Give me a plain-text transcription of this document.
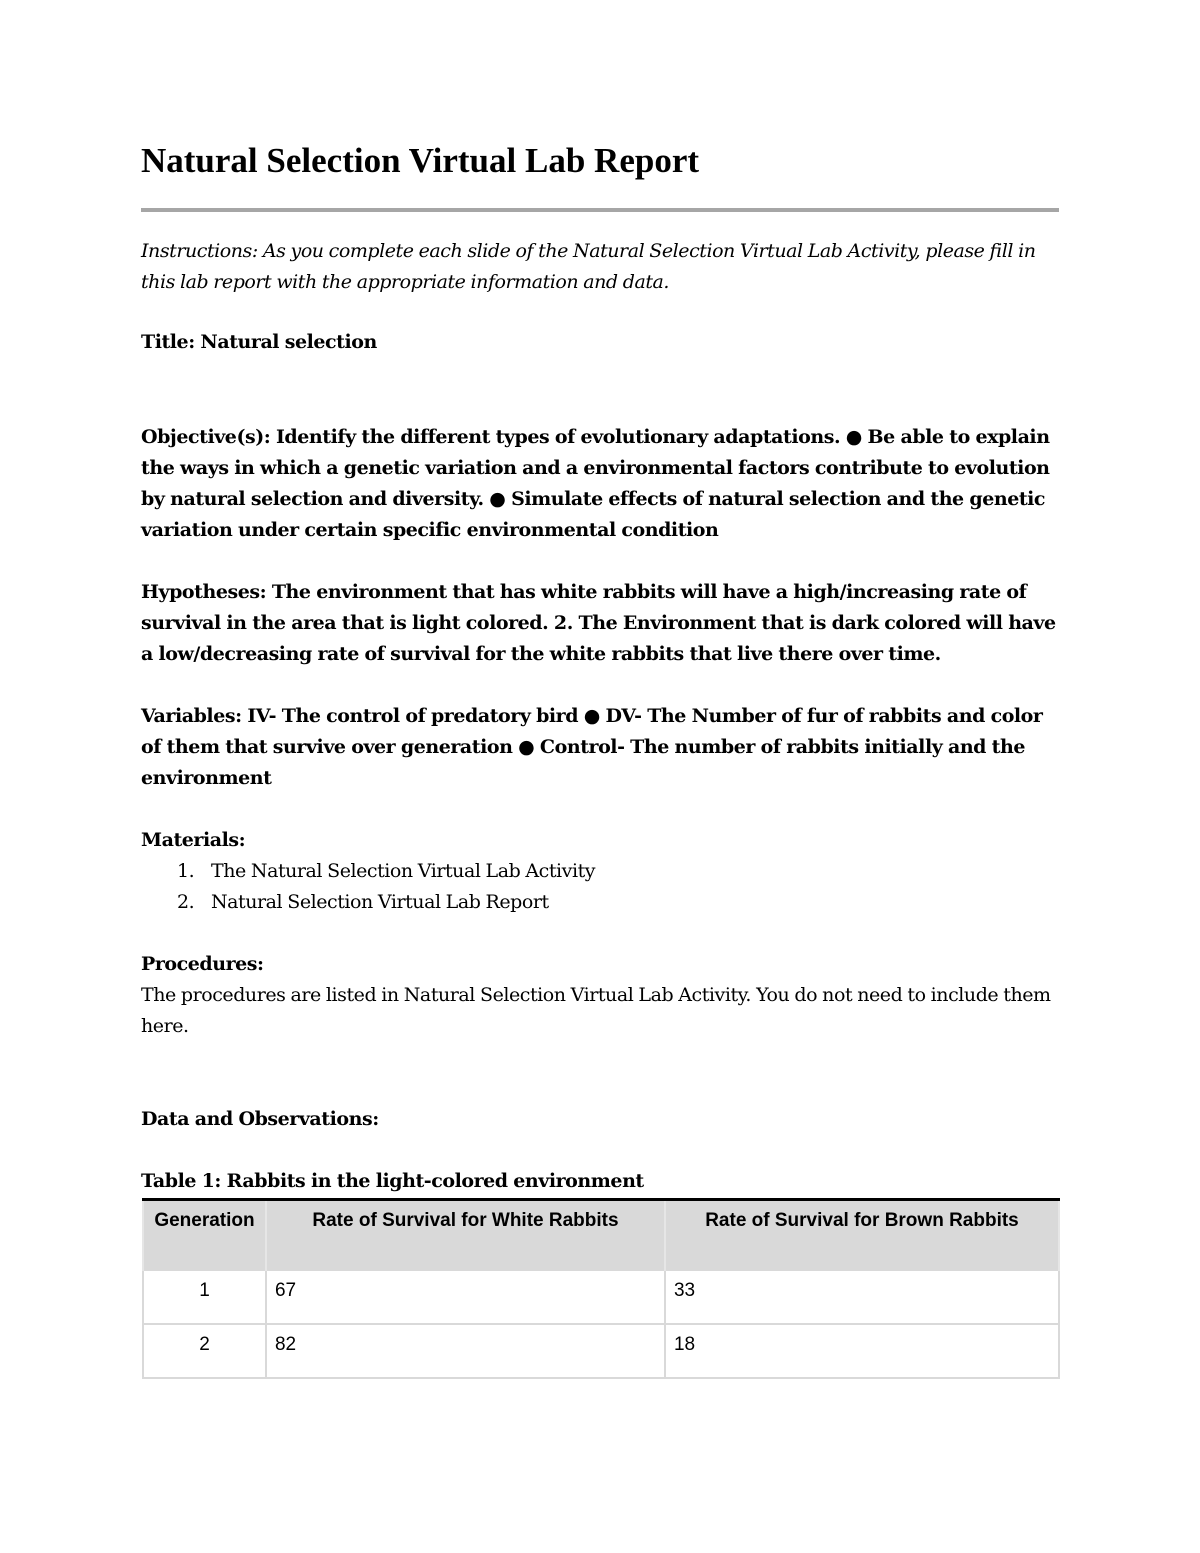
Natural Selection Virtual Lab Report

Instructions: As you complete each slide of the Natural Selection Virtual Lab Activity, please fill in this lab report with the appropriate information and data.

Title: Natural selection

Objective(s): Identify the different types of evolutionary adaptations. ● Be able to explain the ways in which a genetic variation and a environmental factors contribute to evolution by natural selection and diversity. ● Simulate effects of natural selection and the genetic variation under certain specific environmental condition

Hypotheses: The environment that has white rabbits will have a high/increasing rate of survival in the area that is light colored. 2. The Environment that is dark colored will have a low/decreasing rate of survival for the white rabbits that live there over time.

Variables: IV- The control of predatory bird ● DV- The Number of fur of rabbits and color of them that survive over generation ● Control- The number of rabbits initially and the environment

Materials:

1. The Natural Selection Virtual Lab Activity
2. Natural Selection Virtual Lab Report

Procedures:

The procedures are listed in Natural Selection Virtual Lab Activity. You do not need to include them here.

Data and Observations:

Table 1: Rabbits in the light-colored environment

Generation	Rate of Survival for White Rabbits	Rate of Survival for Brown Rabbits
1	67	33
2	82	18
